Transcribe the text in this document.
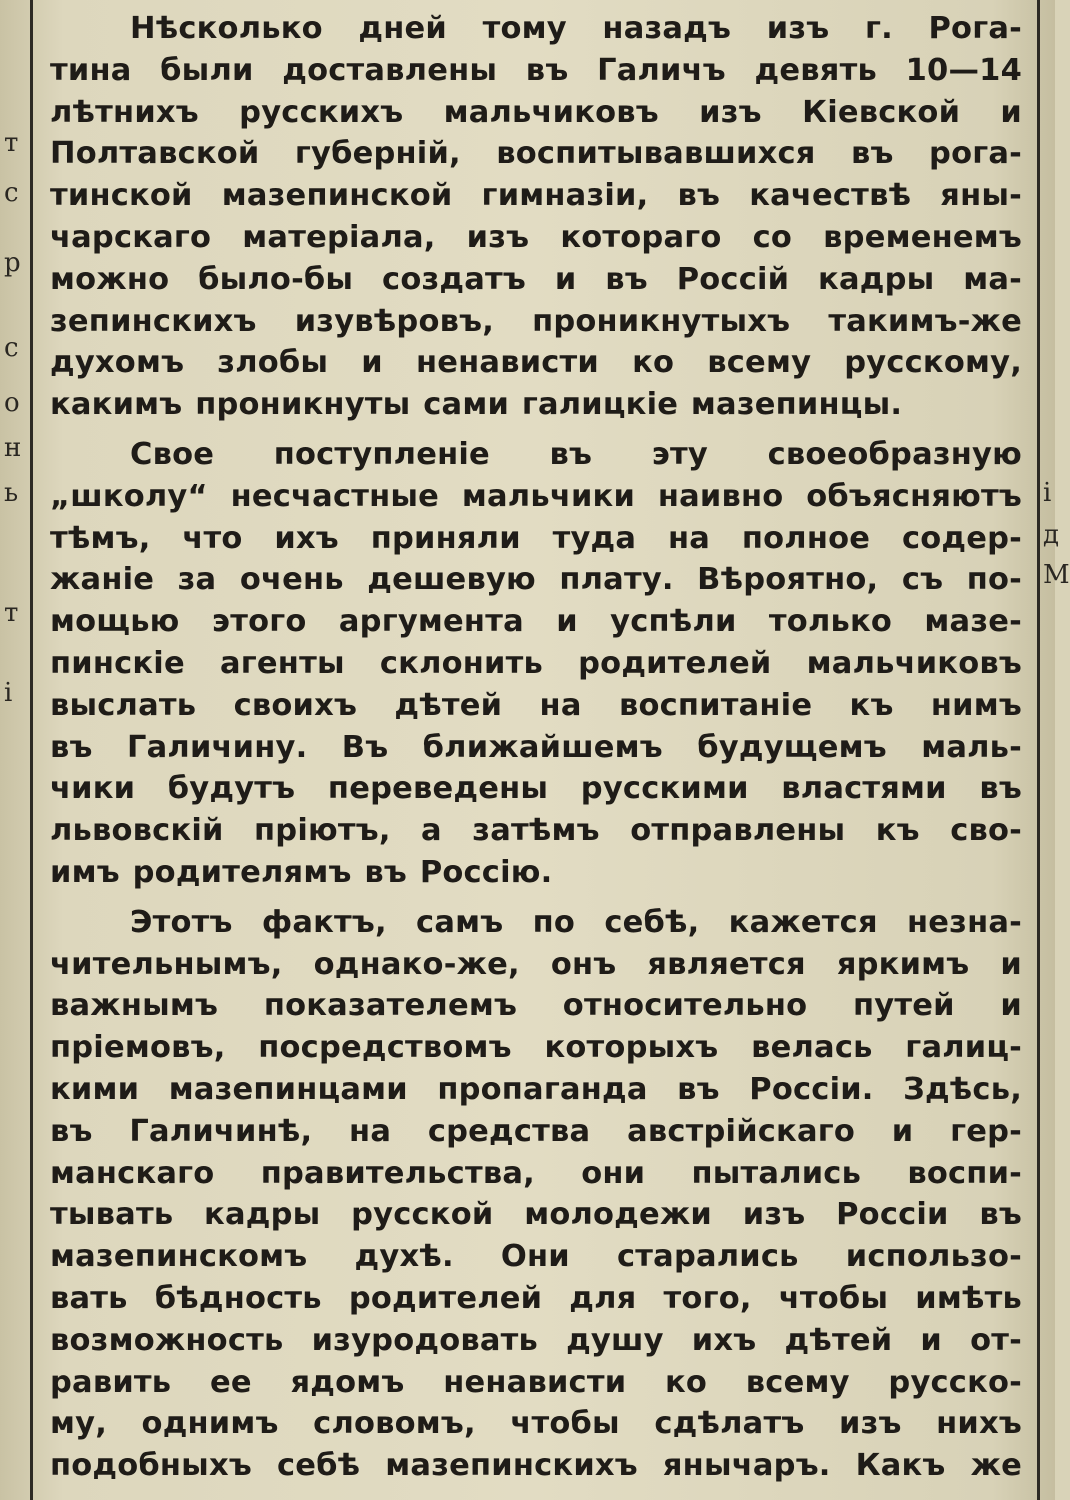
т
с
р
с
о
н
ь
т
і
і
д
М
Нѣсколько дней тому назадъ изъ г. Рога-
тина были доставлены въ Галичъ девять 10—14
лѣтнихъ русскихъ мальчиковъ изъ Кіевской и
Полтавской губерній, воспитывавшихся въ рога-
тинской мазепинской гимназіи, въ качествѣ яны-
чарскаго матеріала, изъ котораго со временемъ
можно было-бы создатъ и въ Россій кадры ма-
зепинскихъ изувѣровъ, проникнутыхъ такимъ-же
духомъ злобы и ненависти ко всему русскому,
какимъ проникнуты сами галицкіе мазепинцы.
Свое поступленіе въ эту своеобразную
„школу“ несчастные мальчики наивно объясняютъ
тѣмъ, что ихъ приняли туда на полное содер-
жаніе за очень дешевую плату. Вѣроятно, съ по-
мощью этого аргумента и успѣли только мазе-
пинскіе агенты склонить родителей мальчиковъ
выслать своихъ дѣтей на воспитаніе къ нимъ
въ Галичину. Въ ближайшемъ будущемъ маль-
чики будутъ переведены русскими властями въ
львовскій пріютъ, а затѣмъ отправлены къ сво-
имъ родителямъ въ Россію.
Этотъ фактъ, самъ по себѣ, кажется незна-
чительнымъ, однако-же, онъ является яркимъ и
важнымъ показателемъ относительно путей и
пріемовъ, посредствомъ которыхъ велась галиц-
кими мазепинцами пропаганда въ Россіи. Здѣсь,
въ Галичинѣ, на средства австрійскаго и гер-
манскаго правительства, они пытались воспи-
тывать кадры русской молодежи изъ Россіи въ
мазепинскомъ духѣ. Они старались использо-
вать бѣдность родителей для того, чтобы имѣть
возможность изуродовать душу ихъ дѣтей и от-
равить ее ядомъ ненависти ко всему русско-
му, однимъ словомъ, чтобы сдѣлатъ изъ нихъ
подобныхъ себѣ мазепинскихъ янычаръ. Какъ же
